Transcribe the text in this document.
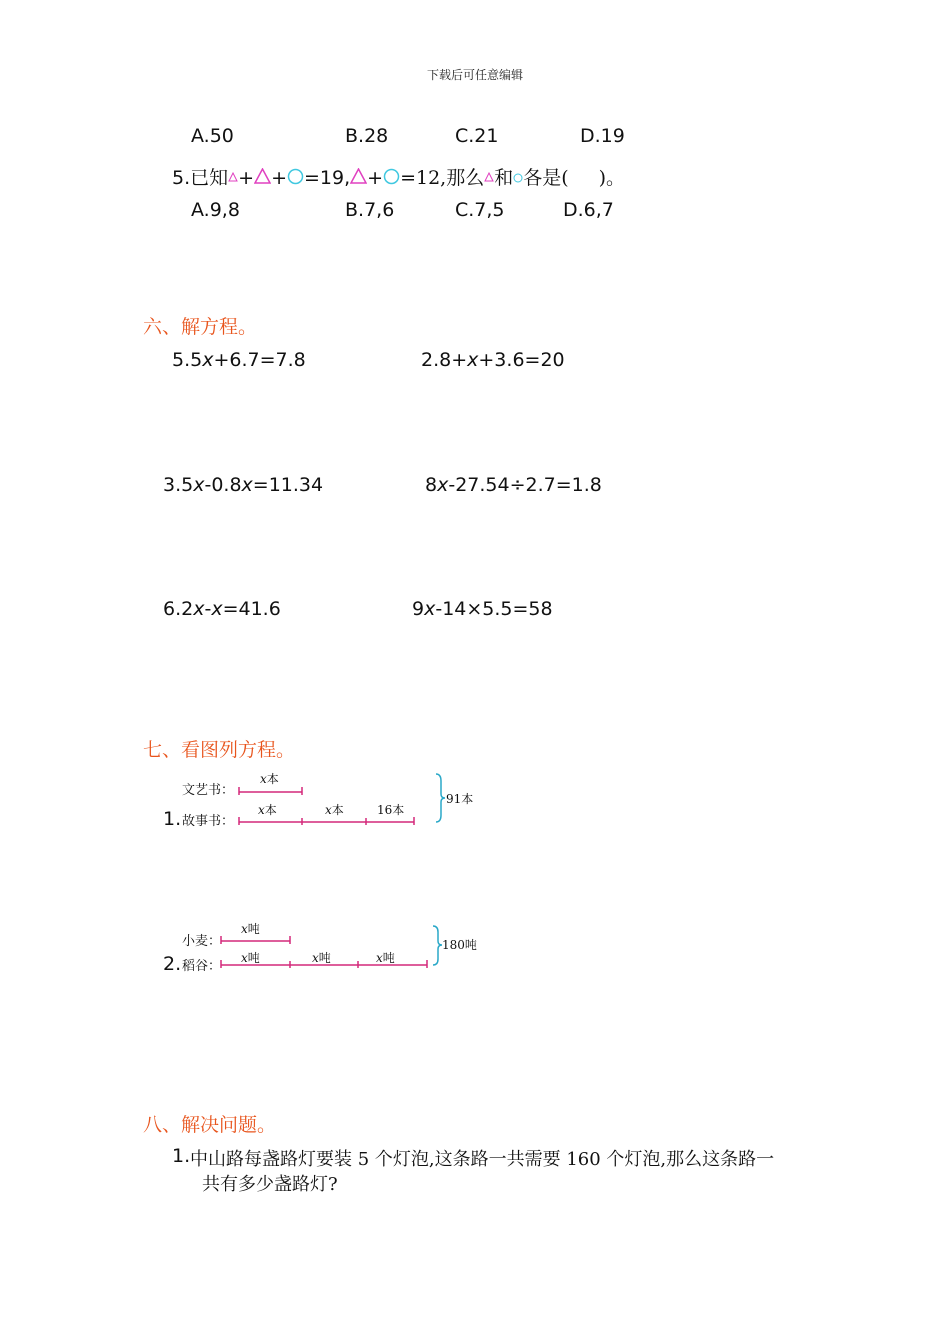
下载后可任意编辑
A.50	B.28	C.21	D.19
5.已知 + + =19, + =12,那么 和 各是( )。
A.9,8	B.7,6	C.7,5	D.6,7
六、解方程。
5.5x+6.7=7.8	2.8+x+3.6=20
3.5x-0.8x=11.34	8x-27.54÷2.7=1.8
6.2x-x=41.6	9x-14×5.5=58
七、看图列方程。
文艺书：
1. 故事书：
x本
x本	x本	16本
91本
x吨
小麦：
x吨	x吨	x吨
2. 稻谷：
180吨
八、解决问题。
1. 中山路每盏路灯要装 5 个灯泡,这条路一共需要 160 个灯泡,那么这条路一
共有多少盏路灯?
